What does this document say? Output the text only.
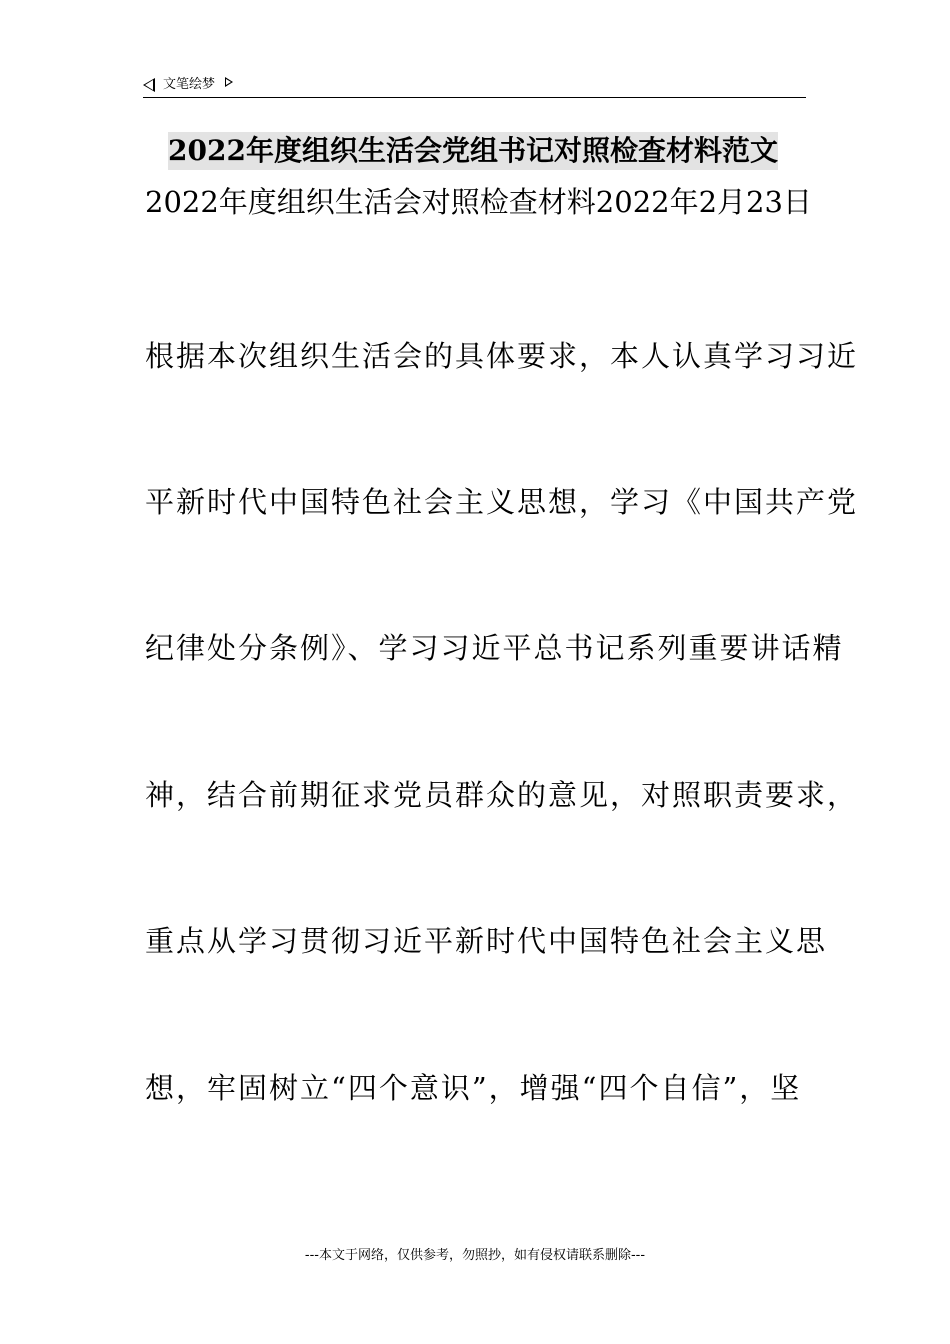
文笔绘梦
2022年度组织生活会党组书记对照检查材料范文
2022年度组织生活会对照检查材料2022年2月23日
根据本次组织生活会的具体要求，本人认真学习习近
平新时代中国特色社会主义思想，学习《中国共产党
纪律处分条例》、学习习近平总书记系列重要讲话精
神，结合前期征求党员群众的意见，对照职责要求，
重点从学习贯彻习近平新时代中国特色社会主义思
想，牢固树立“四个意识”，增强“四个自信”，坚
---本文于网络，仅供参考，勿照抄，如有侵权请联系删除---
